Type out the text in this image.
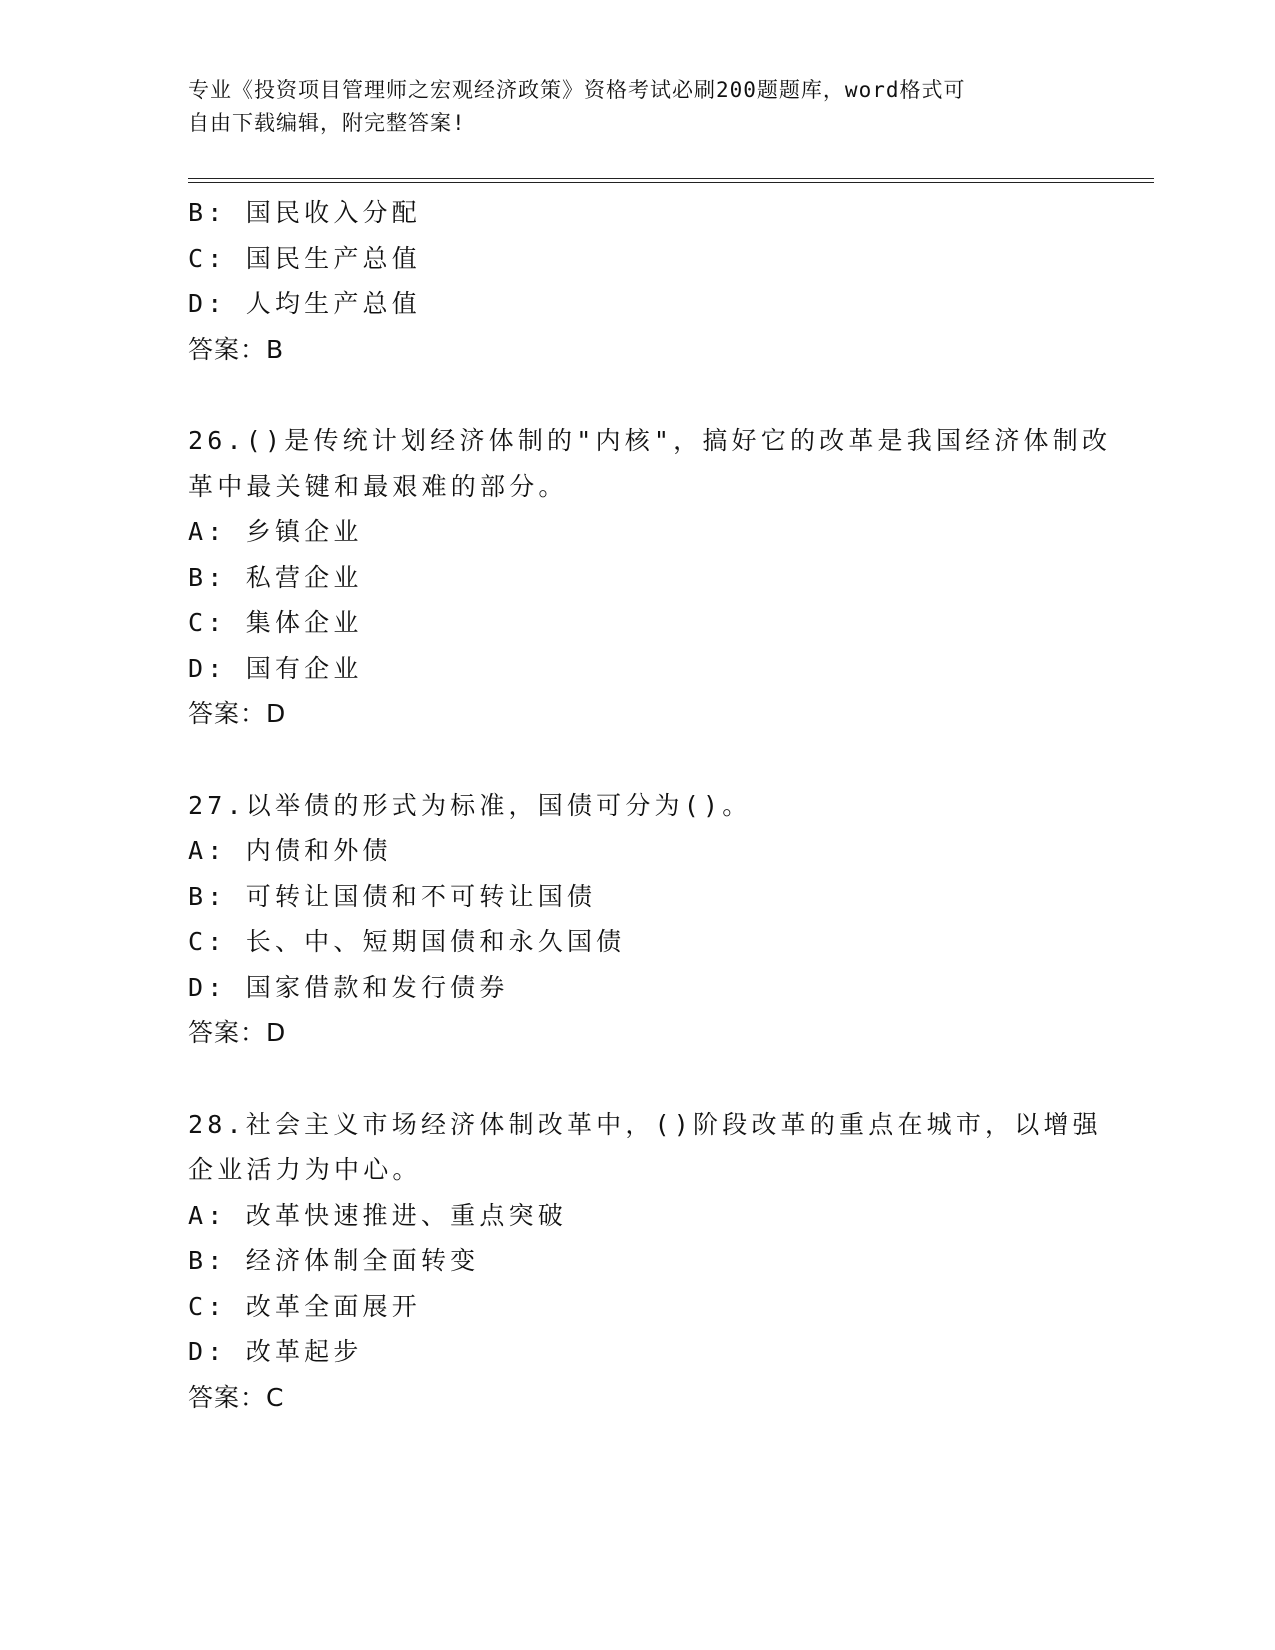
专业《投资项目管理师之宏观经济政策》资格考试必刷200题题库，word格式可
自由下载编辑，附完整答案!
B: 国民收入分配
C: 国民生产总值
D: 人均生产总值
答案：B
26.()是传统计划经济体制的"内核"，搞好它的改革是我国经济体制改
革中最关键和最艰难的部分。
A: 乡镇企业
B: 私营企业
C: 集体企业
D: 国有企业
答案：D
27.以举债的形式为标准，国债可分为()。
A: 内债和外债
B: 可转让国债和不可转让国债
C: 长、中、短期国债和永久国债
D: 国家借款和发行债券
答案：D
28.社会主义市场经济体制改革中，()阶段改革的重点在城市，以增强
企业活力为中心。
A: 改革快速推进、重点突破
B: 经济体制全面转变
C: 改革全面展开
D: 改革起步
答案：C
